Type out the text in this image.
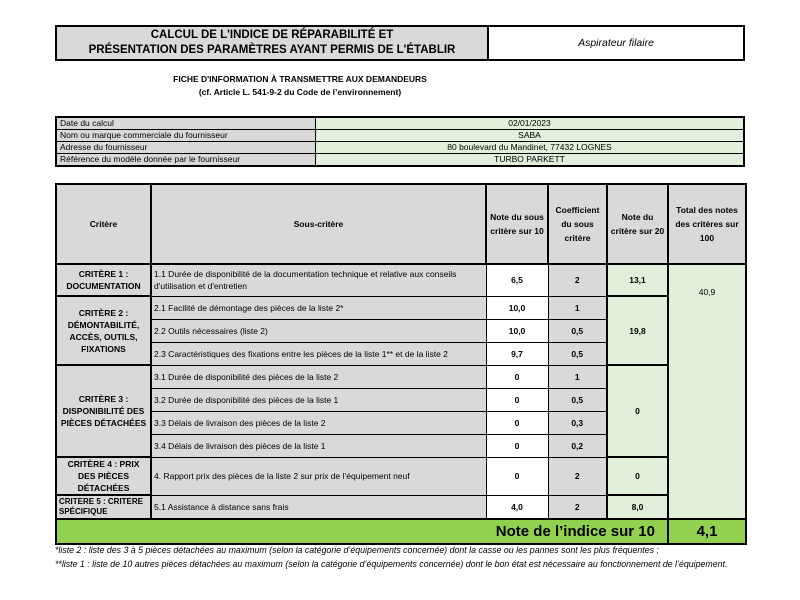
CALCUL DE L'INDICE DE RÉPARABILITÉ ET
PRÉSENTATION DES PARAMÈTRES AYANT PERMIS DE L'ÉTABLIR
Aspirateur filaire
FICHE D'INFORMATION À TRANSMETTRE AUX DEMANDEURS
(cf. Article L. 541-9-2 du Code de l’environnement)
Date du calcul	02/01/2023
Nom ou marque commerciale du fournisseur	SABA
Adresse du fournisseur	80 boulevard du Mandinet, 77432 LOGNES
Référence du modèle donnée par le fournisseur	TURBO PARKETT
Critère	Sous-critère	Note du sous critère sur 10	Coefficient du sous critère	Note du critère sur 20	Total des notes des critères sur 100
CRITÈRE 1 : DOCUMENTATION	1.1 Durée de disponibilité de la documentation technique et relative aux conseils d'utilisation et d'entretien	6,5	2	13,1	40,9
CRITÈRE 2 : DÉMONTABILITÉ, ACCÈS, OUTILS, FIXATIONS	2.1 Facilité de démontage des pièces de la liste 2*	10,0	1	19,8	
	2.2 Outils nécessaires (liste 2)	10,0	0,5		
	2.3 Caractéristiques des fixations entre les pièces de la liste 1** et de la liste 2	9,7	0,5		
CRITÈRE 3 : DISPONIBILITÉ DES PIÈCES DÉTACHÉES	3.1 Durée de disponibilité des pièces de la liste 2	0	1	0	
	3.2 Durée de disponibilité des pièces de la liste 1	0	0,5		
	3.3 Délais de livraison des pièces de la liste 2	0	0,3		
	3.4 Délais de livraison des pièces de la liste 1	0	0,2		
CRITÈRE 4 : PRIX DES PIÈCES DÉTACHÉES	4. Rapport prix des pièces de la liste 2 sur prix de l’équipement neuf	0	2	0	
CRITERE 5 : CRITERE SPÉCIFIQUE	5.1 Assistance à distance sans frais	4,0	2	8,0	
Note de l’indice sur 10					4,1
*liste 2 : liste des 3 à 5 pièces détachées au maximum (selon la catégorie d’équipements concernée) dont la casse ou les pannes sont les plus fréquentes ;
**liste 1 : liste de 10 autres pièces détachées au maximum (selon la catégorie d’équipements concernée) dont le bon état est nécessaire au fonctionnement de l’équipement.
